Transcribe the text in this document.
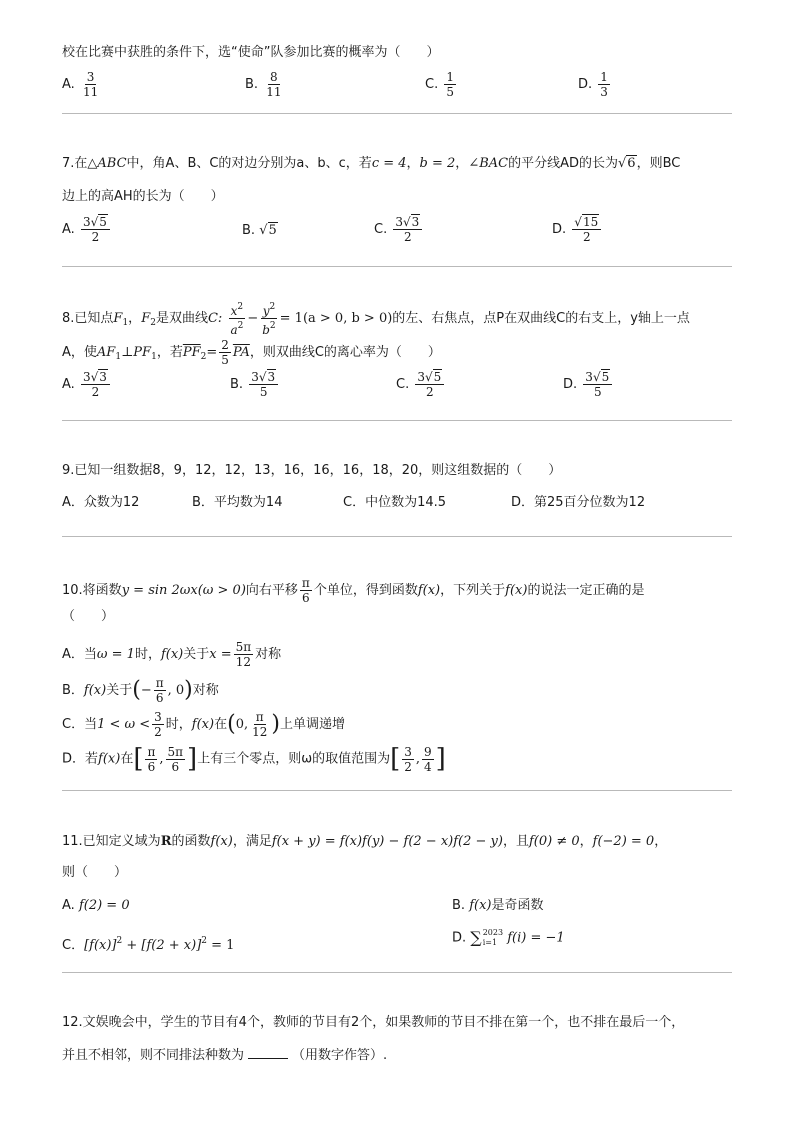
校在比赛中获胜的条件下，选“使命”队参加比赛的概率为（　　）
A. $\frac{3}{11}$	B. $\frac{8}{11}$	C. $\frac{1}{5}$	D. $\frac{1}{3}$
7.在△ABC中，角A、B、C的对边分别为a、b、c，若c = 4，b = 2，∠BAC的平分线AD的长为√6，则BC
边上的高AH的长为（　　）
A. $\frac{3√5}{2}$	B. √5	C. $\frac{3√3}{2}$	D. $\frac{√15}{2}$
8.已知点$F_1$，$F_2$是双曲线C: $\frac{x^2}{a^2} - \frac{y^2}{b^2} = 1(a > 0$, b > 0)的左、右焦点，点P在双曲线C的右支上，y轴上一点
A，使$AF_1\perp PF_1$，若$\overline{PF}_2= \frac{2}{5} \overline{PA}$，则双曲线C的离心率为（　　）
A. $\frac{3√3}{2}$	B. $\frac{3√3}{5}$	C. $\frac{3√5}{2}$	D. $\frac{3√5}{5}$
9.已知一组数据8，9，12，12，13，16，16，16，18，20，则这组数据的（　　）
A．众数为12	B．平均数为14	C．中位数为14.5	D．第25百分位数为12
10.将函数y = sin 2ωx(ω > 0)向右平移 $\frac{\pi}{6}$ 个单位，得到函数f(x)，下列关于f(x)的说法一定正确的是
（　　）
A．当ω = 1时，f(x)关于$x = \frac{5\pi}{12}$ 对称
B．f(x)关于(− $\frac{\pi}{6}$ , 0)对称
C．当$1 < \omega < \frac{3}{2}$ 时，f(x)在(0, $\frac{\pi}{12}$ )上单调递增
D．若f(x)在[ $\frac{\pi}{6}$ , $\frac{5\pi}{6}$ ]上有三个零点，则ω的取值范围为[ $\frac{3}{2}$ , $\frac{9}{4}$ ]
11.已知定义域为R的函数f(x)，满足f(x + y) = f(x)f(y) − f(2 − x)f(2 − y)，且f(0) ≠ 0，f(−2) = 0，
则（　　）
A. f(2) = 0	B. f(x)是奇函数
C．$[f(x)]^2 + [f(2 + x)]^2 = 1$	D. ∑ 2023
i=1 f(i) = −1
12.文娱晚会中，学生的节目有4个，教师的节目有2个，如果教师的节目不排在第一个，也不排在最后一个，
并且不相邻，则不同排法种数为	（用数字作答）.
